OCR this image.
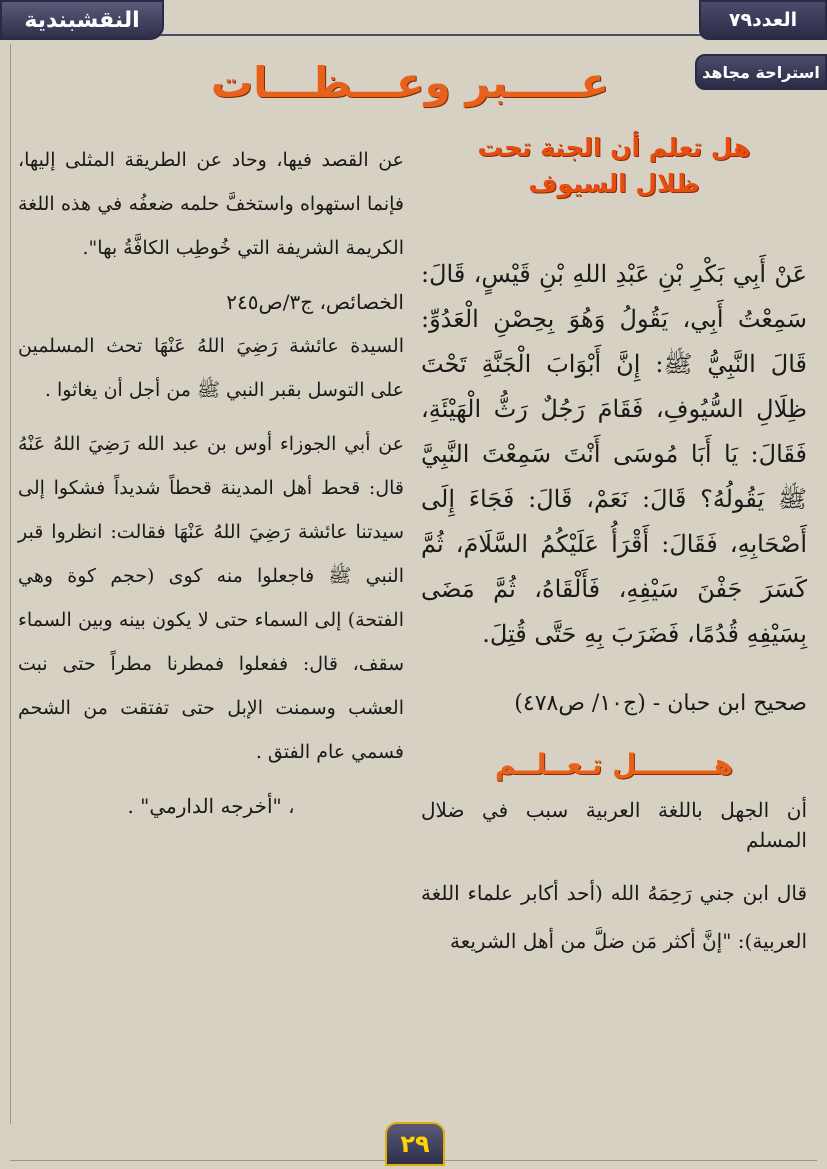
النقشبندية	العدد٧٩
استراحة مجاهد
عـــــبر وعـــظـــات
هل تعلم أن الجنة تحت
ظلال السيوف

عَنْ أَبِي بَكْرِ بْنِ عَبْدِ اللهِ بْنِ قَيْسٍ، قَالَ: سَمِعْتُ أَبِي، يَقُولُ وَهُوَ بِحِصْنِ الْعَدُوِّ: قَالَ النَّبِيُّ ﷺ: إِنَّ أَبْوَابَ الْجَنَّةِ تَحْتَ ظِلَالِ السُّيُوفِ، فَقَامَ رَجُلٌ رَثُّ الْهَيْئَةِ، فَقَالَ: يَا أَبَا مُوسَى أَنْتَ سَمِعْتَ النَّبِيَّ ﷺ يَقُولُهُ؟ قَالَ: نَعَمْ، قَالَ: فَجَاءَ إِلَى أَصْحَابِهِ، فَقَالَ: أَقْرَأُ عَلَيْكُمُ السَّلَامَ، ثُمَّ كَسَرَ جَفْنَ سَيْفِهِ، فَأَلْقَاهُ، ثُمَّ مَضَى بِسَيْفِهِ قُدُمًا، فَضَرَبَ بِهِ حَتَّى قُتِلَ.

صحيح ابن حبان - (ج١٠/ ص٤٧٨)
هــــــــل تـعــلــم

أن الجهل باللغة العربية سبب في ضلال المسلم

قال ابن جني رَحِمَهُ الله (أحد أكابر علماء اللغة العربية): "إنَّ أكثر مَن ضلَّ من أهل الشريعة

عن القصد فيها، وحاد عن الطريقة المثلى إليها، فإنما استهواه واستخفَّ حلمه ضعفُه في هذه اللغة الكريمة الشريفة التي خُوطِب الكافَّةُ بها".

الخصائص، ج٣/ص٢٤٥

السيدة عائشة رَضِيَ اللهُ عَنْهَا تحث المسلمين على التوسل بقبر النبي ﷺ من أجل أن يغاثوا .

عن أبي الجوزاء أوس بن عبد الله رَضِيَ اللهُ عَنْهُ قال: قحط أهل المدينة قحطاً شديداً فشكوا إلى سيدتنا عائشة رَضِيَ اللهُ عَنْهَا فقالت: انظروا قبر النبي ﷺ فاجعلوا منه كوى (حجم كوة وهي الفتحة) إلى السماء حتى لا يكون بينه وبين السماء سقف، قال: ففعلوا فمطرنا مطراً حتى نبت العشب وسمنت الإبل حتى تفتقت من الشحم فسمي عام الفتق .

، "أخرجه الدارمي" .

٢٩
